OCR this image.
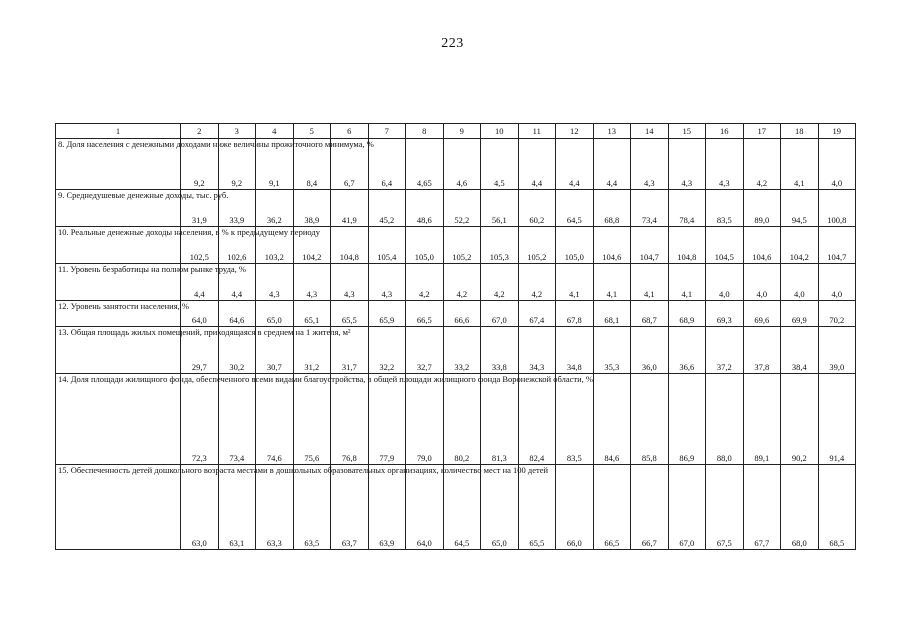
223
1	2	3	4	5	6	7	8	9	10	11	12	13	14	15	16	17	18	19
8. Доля населения с денежными доходами ниже величины прожиточного минимума, %	9,2	9,2	9,1	8,4	6,7	6,4	4,65	4,6	4,5	4,4	4,4	4,4	4,3	4,3	4,3	4,2	4,1	4,0
9. Среднедушевые денежные доходы, тыс. руб.	31,9	33,9	36,2	38,9	41,9	45,2	48,6	52,2	56,1	60,2	64,5	68,8	73,4	78,4	83,5	89,0	94,5	100,8
10. Реальные денежные доходы населения, в % к предыдущему периоду	102,5	102,6	103,2	104,2	104,8	105,4	105,0	105,2	105,3	105,2	105,0	104,6	104,7	104,8	104,5	104,6	104,2	104,7
11. Уровень безработицы на полном рынке труда, %	4,4	4,4	4,3	4,3	4,3	4,3	4,2	4,2	4,2	4,2	4,1	4,1	4,1	4,1	4,0	4,0	4,0	4,0
12. Уровень занятости населения, %	64,0	64,6	65,0	65,1	65,5	65,9	66,5	66,6	67,0	67,4	67,8	68,1	68,7	68,9	69,3	69,6	69,9	70,2
13. Общая площадь жилых помещений, приходящаяся в среднем на 1 жителя, м²	29,7	30,2	30,7	31,2	31,7	32,2	32,7	33,2	33,8	34,3	34,8	35,3	36,0	36,6	37,2	37,8	38,4	39,0
14. Доля площади жилищного фонда, обеспеченного всеми видами благоустройства, в общей площади жилищного фонда Воронежской области, %	72,3	73,4	74,6	75,6	76,8	77,9	79,0	80,2	81,3	82,4	83,5	84,6	85,8	86,9	88,0	89,1	90,2	91,4
15. Обеспеченность детей дошкольного возраста местами в дошкольных образовательных организациях, количество мест на 100 детей	63,0	63,1	63,3	63,5	63,7	63,9	64,0	64,5	65,0	65,5	66,0	66,5	66,7	67,0	67,5	67,7	68,0	68,5
